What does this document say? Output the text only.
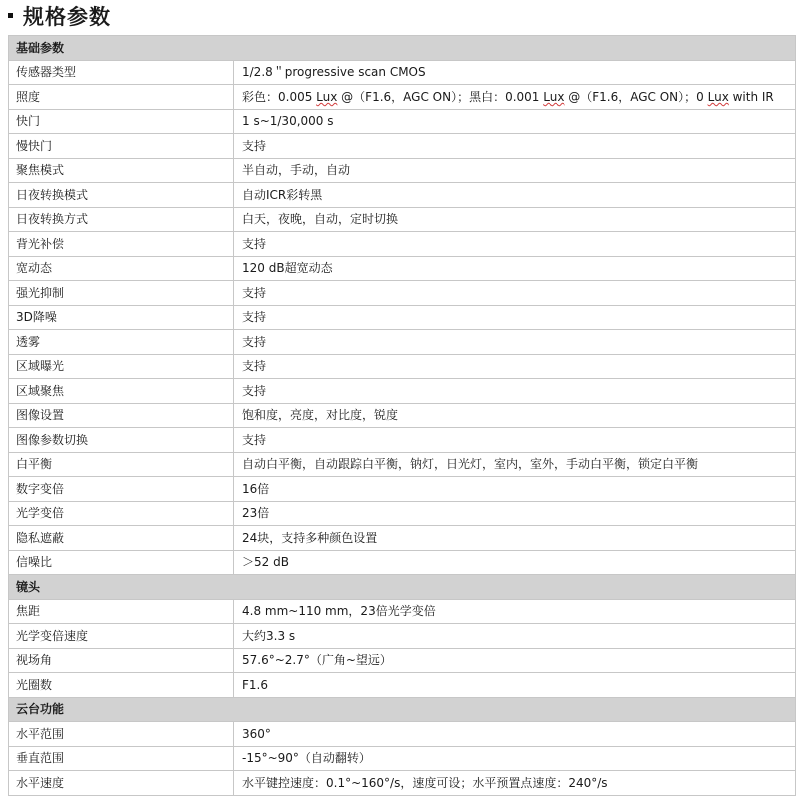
规格参数
基础参数	
传感器类型	1/2.8＂progressive scan CMOS
照度	彩色：0.005 Lux @（F1.6，AGC ON）；黑白：0.001 Lux @（F1.6，AGC ON）；0 Lux with IR
快门	1 s~1/30,000 s
慢快门	支持
聚焦模式	半自动，手动，自动
日夜转换模式	自动ICR彩转黑
日夜转换方式	白天，夜晚，自动，定时切换
背光补偿	支持
宽动态	120 dB超宽动态
强光抑制	支持
3D降噪	支持
透雾	支持
区域曝光	支持
区域聚焦	支持
图像设置	饱和度，亮度，对比度，锐度
图像参数切换	支持
白平衡	自动白平衡，自动跟踪白平衡，钠灯，日光灯，室内，室外，手动白平衡，锁定白平衡
数字变倍	16倍
光学变倍	23倍
隐私遮蔽	24块，支持多种颜色设置
信噪比	＞52 dB
镜头	
焦距	4.8 mm~110 mm，23倍光学变倍
光学变倍速度	大约3.3 s
视场角	57.6°~2.7°（广角~望远）
光圈数	F1.6
云台功能	
水平范围	360°
垂直范围	-15°~90°（自动翻转）
水平速度	水平键控速度：0.1°~160°/s，速度可设；水平预置点速度：240°/s
